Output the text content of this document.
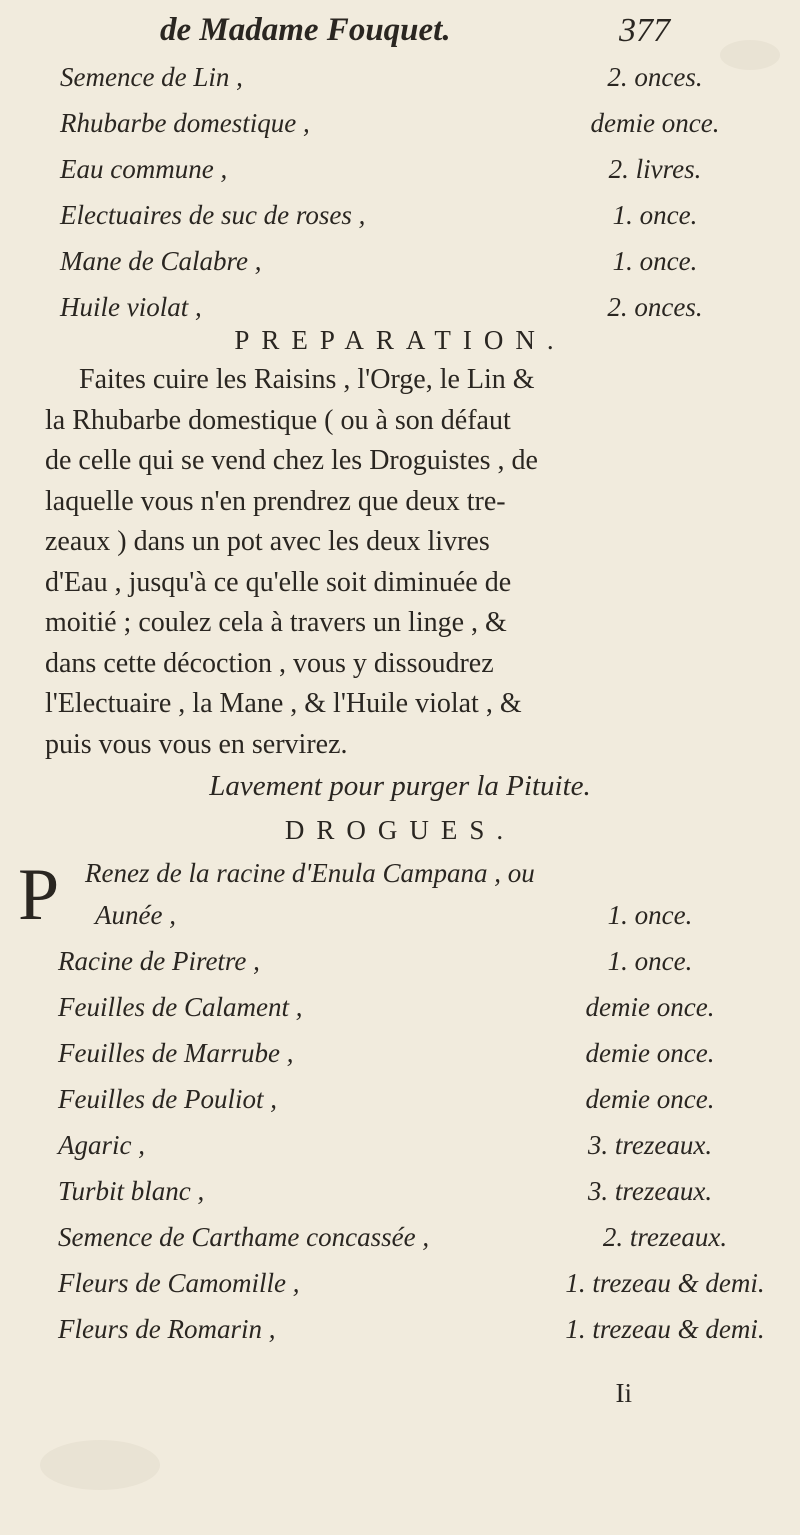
de Madame Fouquet.	377
Semence de Lin ,	2. onces.
Rhubarbe domestique ,	demie once.
Eau commune ,	2. livres.
Electuaires de suc de roses ,	1. once.
Mane de Calabre ,	1. once.
Huile violat ,	2. onces.
PREPARATION.
Faites cuire les Raisins , l'Orge, le Lin &
la Rhubarbe domestique ( ou à son défaut
de celle qui se vend chez les Droguistes , de
laquelle vous n'en prendrez que deux tre-
zeaux ) dans un pot avec les deux livres
d'Eau , jusqu'à ce qu'elle soit diminuée de
moitié ; coulez cela à travers un linge , &
dans cette décoction , vous y dissoudrez
l'Electuaire , la Mane , & l'Huile violat , &
puis vous vous en servirez.
Lavement pour purger la Pituite.
DROGUES.
P Renez de la racine d'Enula Campana , ou
Aunée ,	1. once.
Racine de Piretre ,	1. once.
Feuilles de Calament ,	demie once.
Feuilles de Marrube ,	demie once.
Feuilles de Pouliot ,	demie once.
Agaric ,	3. trezeaux.
Turbit blanc ,	3. trezeaux.
Semence de Carthame concassée ,	2. trezeaux.
Fleurs de Camomille ,	1. trezeau & demi.
Fleurs de Romarin ,	1. trezeau & demi.
Ii
